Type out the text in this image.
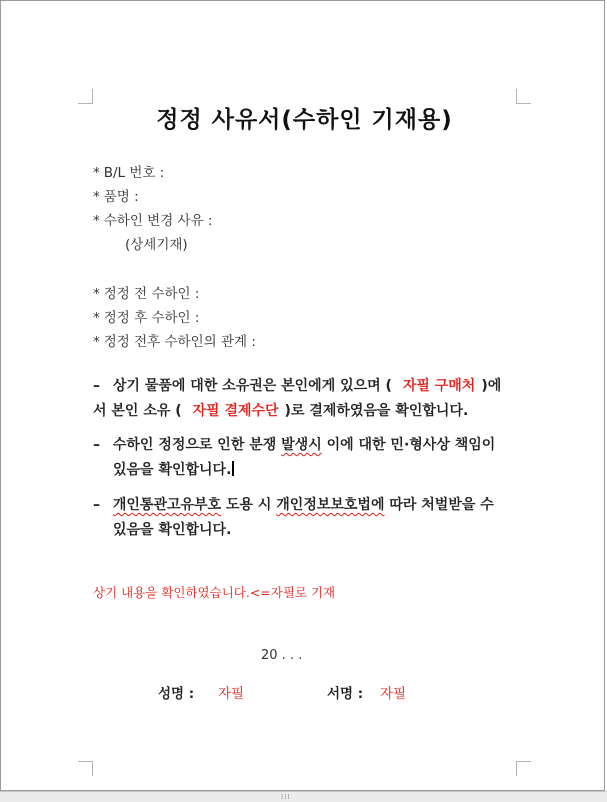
정정 사유서(수하인 기재용)
* B/L 번호 :
* 품명 :
* 수하인 변경 사유 :
(상세기재)
* 정정 전 수하인 :
* 정정 후 수하인 :
* 정정 전후 수하인의 관계 :
– 상기 물품에 대한 소유권은 본인에게 있으며 ( 자필 구매처 )에
서 본인 소유 ( 자필 결제수단 )로 결제하였음을 확인합니다.
– 수하인 정정으로 인한 분쟁 발생시 이에 대한 민·형사상 책임이
있음을 확인합니다.
– 개인통관고유부호 도용 시 개인정보보호법에 따라 처벌받을 수
있음을 확인합니다.
상기 내용을 확인하였습니다.<=자필로 기재
20 . . .
성명 : 자필	서명 : 자필
⁞⁞⁞
